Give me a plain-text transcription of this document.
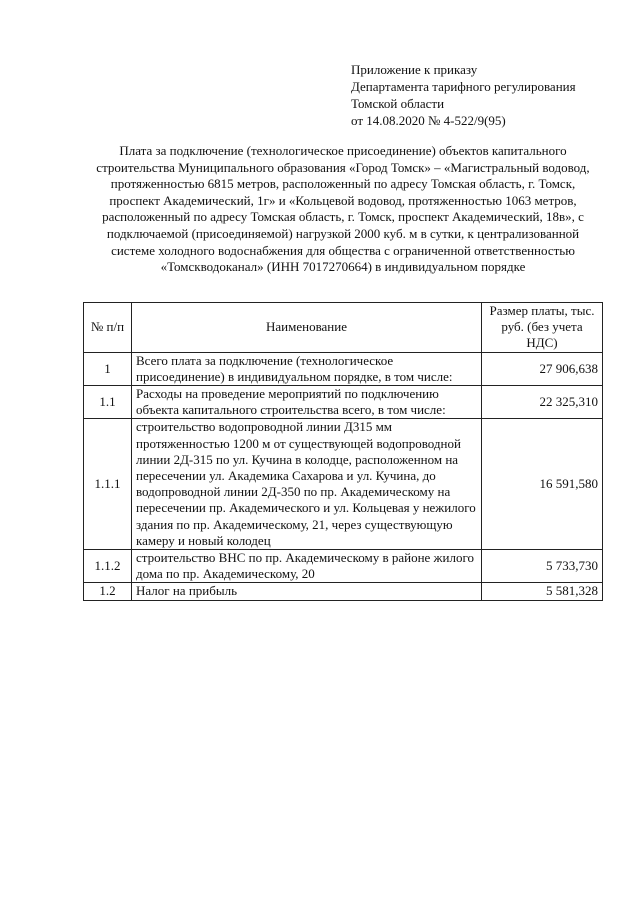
Приложение к приказу
Департамента тарифного регулирования
Томской области
от 14.08.2020 № 4-522/9(95)
Плата за подключение (технологическое присоединение) объектов капитального строительства Муниципального образования «Город Томск» – «Магистральный водовод, протяженностью 6815 метров, расположенный по адресу Томская область, г. Томск, проспект Академический, 1г» и «Кольцевой водовод, протяженностью 1063 метров, расположенный по адресу Томская область, г. Томск, проспект Академический, 18в», с подключаемой (присоединяемой) нагрузкой 2000 куб. м в сутки, к централизованной системе холодного водоснабжения для общества с ограниченной ответственностью «Томскводоканал» (ИНН 7017270664) в индивидуальном порядке
№ п/п	Наименование	Размер платы, тыс. руб. (без учета НДС)
1	Всего плата за подключение (технологическое присоединение) в индивидуальном порядке, в том числе:	27 906,638
1.1	Расходы на проведение мероприятий по подключению объекта капитального строительства всего, в том числе:	22 325,310
1.1.1	строительство водопроводной линии Д315 мм протяженностью 1200 м от существующей водопроводной линии 2Д-315 по ул. Кучина в колодце, расположенном на пересечении ул. Академика Сахарова и ул. Кучина, до водопроводной линии 2Д-350 по пр. Академическому на пересечении пр. Академического и ул. Кольцевая у нежилого здания по пр. Академическому, 21, через существующую камеру и новый колодец	16 591,580
1.1.2	строительство ВНС по пр. Академическому в районе жилого дома по пр. Академическому, 20	5 733,730
1.2	Налог на прибыль	5 581,328
